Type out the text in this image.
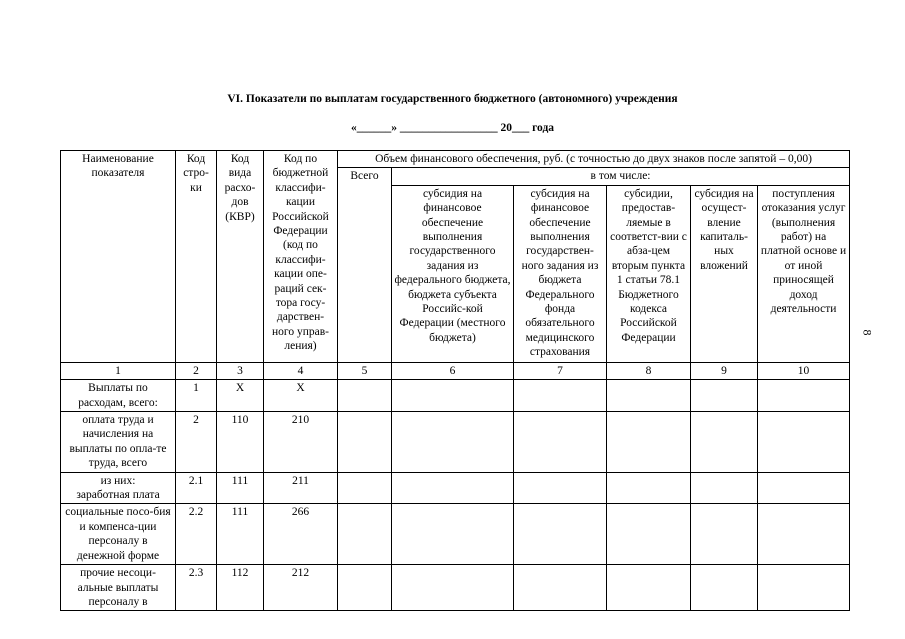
VI. Показатели по выплатам государственного бюджетного (автономного) учреждения
«______» _________________ 20___ года
8
Наименование показателя	Код стро-ки	Код вида расхо-дов (КВР)	Код по бюджетной классифи-кации Российской Федерации (код по классифи-кации опе-раций сек-тора госу-дарствен-ного управ-ления)	Объем финансового обеспечения, руб. (с точностью до двух знаков после запятой – 0,00)					
				Всего	в том числе:				
					субсидия на финансовое обеспечение выполнения государственного задания из федерального бюджета, бюджета субъекта Российс-кой Федерации (местного бюджета)	субсидия на финансовое обеспечение выполнения государствен-ного задания из бюджета Федерального фонда обязательного медицинского страхования	субсидии, предостав-ляемые в соответст-вии с абза-цем вторым пункта 1 статьи 78.1 Бюджетного кодекса Российской Федерации	субсидия на осущест-вление капиталь-ных вложений	поступления отоказания услуг (выполнения работ) на платной основе и от иной приносящей доход деятельности
1	2	3	4	5	6	7	8	9	10
Выплаты по расходам, всего:	1	X	X						
оплата труда и начисления на выплаты по опла-те труда, всего	2	110	210						
из них:
заработная плата	2.1	111	211						
социальные посо-бия и компенса-ции персоналу в денежной форме	2.2	111	266						
прочие несоци-альные выплаты персоналу в	2.3	112	212						
